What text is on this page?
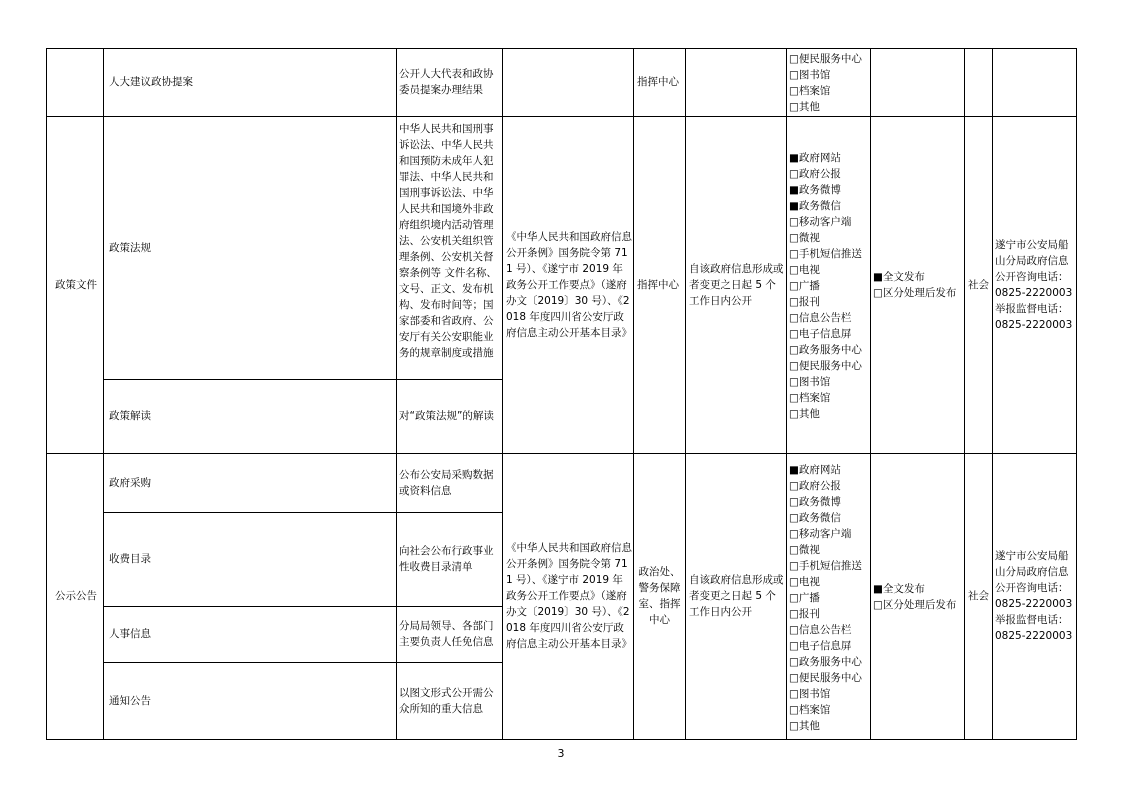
人大建议政协提案
公开人大代表和政协委员提案办理结果
指挥中心
□便民服务中心
□图书馆
□档案馆
□其他
政策文件
政策法规
中华人民共和国刑事诉讼法、中华人民共和国预防未成年人犯罪法、中华人民共和国刑事诉讼法、中华人民共和国境外非政府组织境内活动管理法、公安机关组织管理条例、公安机关督察条例等 文件名称、文号、正文、发布机构、发布时间等；国家部委和省政府、公安厅有关公安职能业务的规章制度或措施
政策解读	对“政策法规”的解读
《中华人民共和国政府信息公开条例》国务院令第 711 号）、《遂宁市 2019 年政务公开工作要点》（遂府办文〔2019〕30 号）、《2018 年度四川省公安厅政府信息主动公开基本目录》
指挥中心
自该政府信息形成或者变更之日起 5 个工作日内公开
■政府网站
□政府公报
■政务微博
■政务微信
□移动客户端
□微视
□手机短信推送
□电视
□广播
□报刊
□信息公告栏
□电子信息屏
□政务服务中心
□便民服务中心
□图书馆
□档案馆
□其他
■全文发布
□区分处理后发布
社会
遂宁市公安局船山分局政府信息公开咨询电话：0825-2220003 举报监督电话：0825-2220003
公示公告
政府采购
公布公安局采购数据或资料信息
收费目录
向社会公布行政事业性收费目录清单
人事信息
分局局领导、各部门主要负责人任免信息
通知公告
以图文形式公开需公众所知的重大信息
《中华人民共和国政府信息公开条例》国务院令第 711 号）、《遂宁市 2019 年政务公开工作要点》（遂府办文〔2019〕30 号）、《2018 年度四川省公安厅政府信息主动公开基本目录》
政治处、警务保障室、指挥中心
自该政府信息形成或者变更之日起 5 个工作日内公开
■政府网站
□政府公报
□政务微博
□政务微信
□移动客户端
□微视
□手机短信推送
□电视
□广播
□报刊
□信息公告栏
□电子信息屏
□政务服务中心
□便民服务中心
□图书馆
□档案馆
□其他
■全文发布
□区分处理后发布
社会
遂宁市公安局船山分局政府信息公开咨询电话：0825-2220003 举报监督电话：0825-2220003
3
